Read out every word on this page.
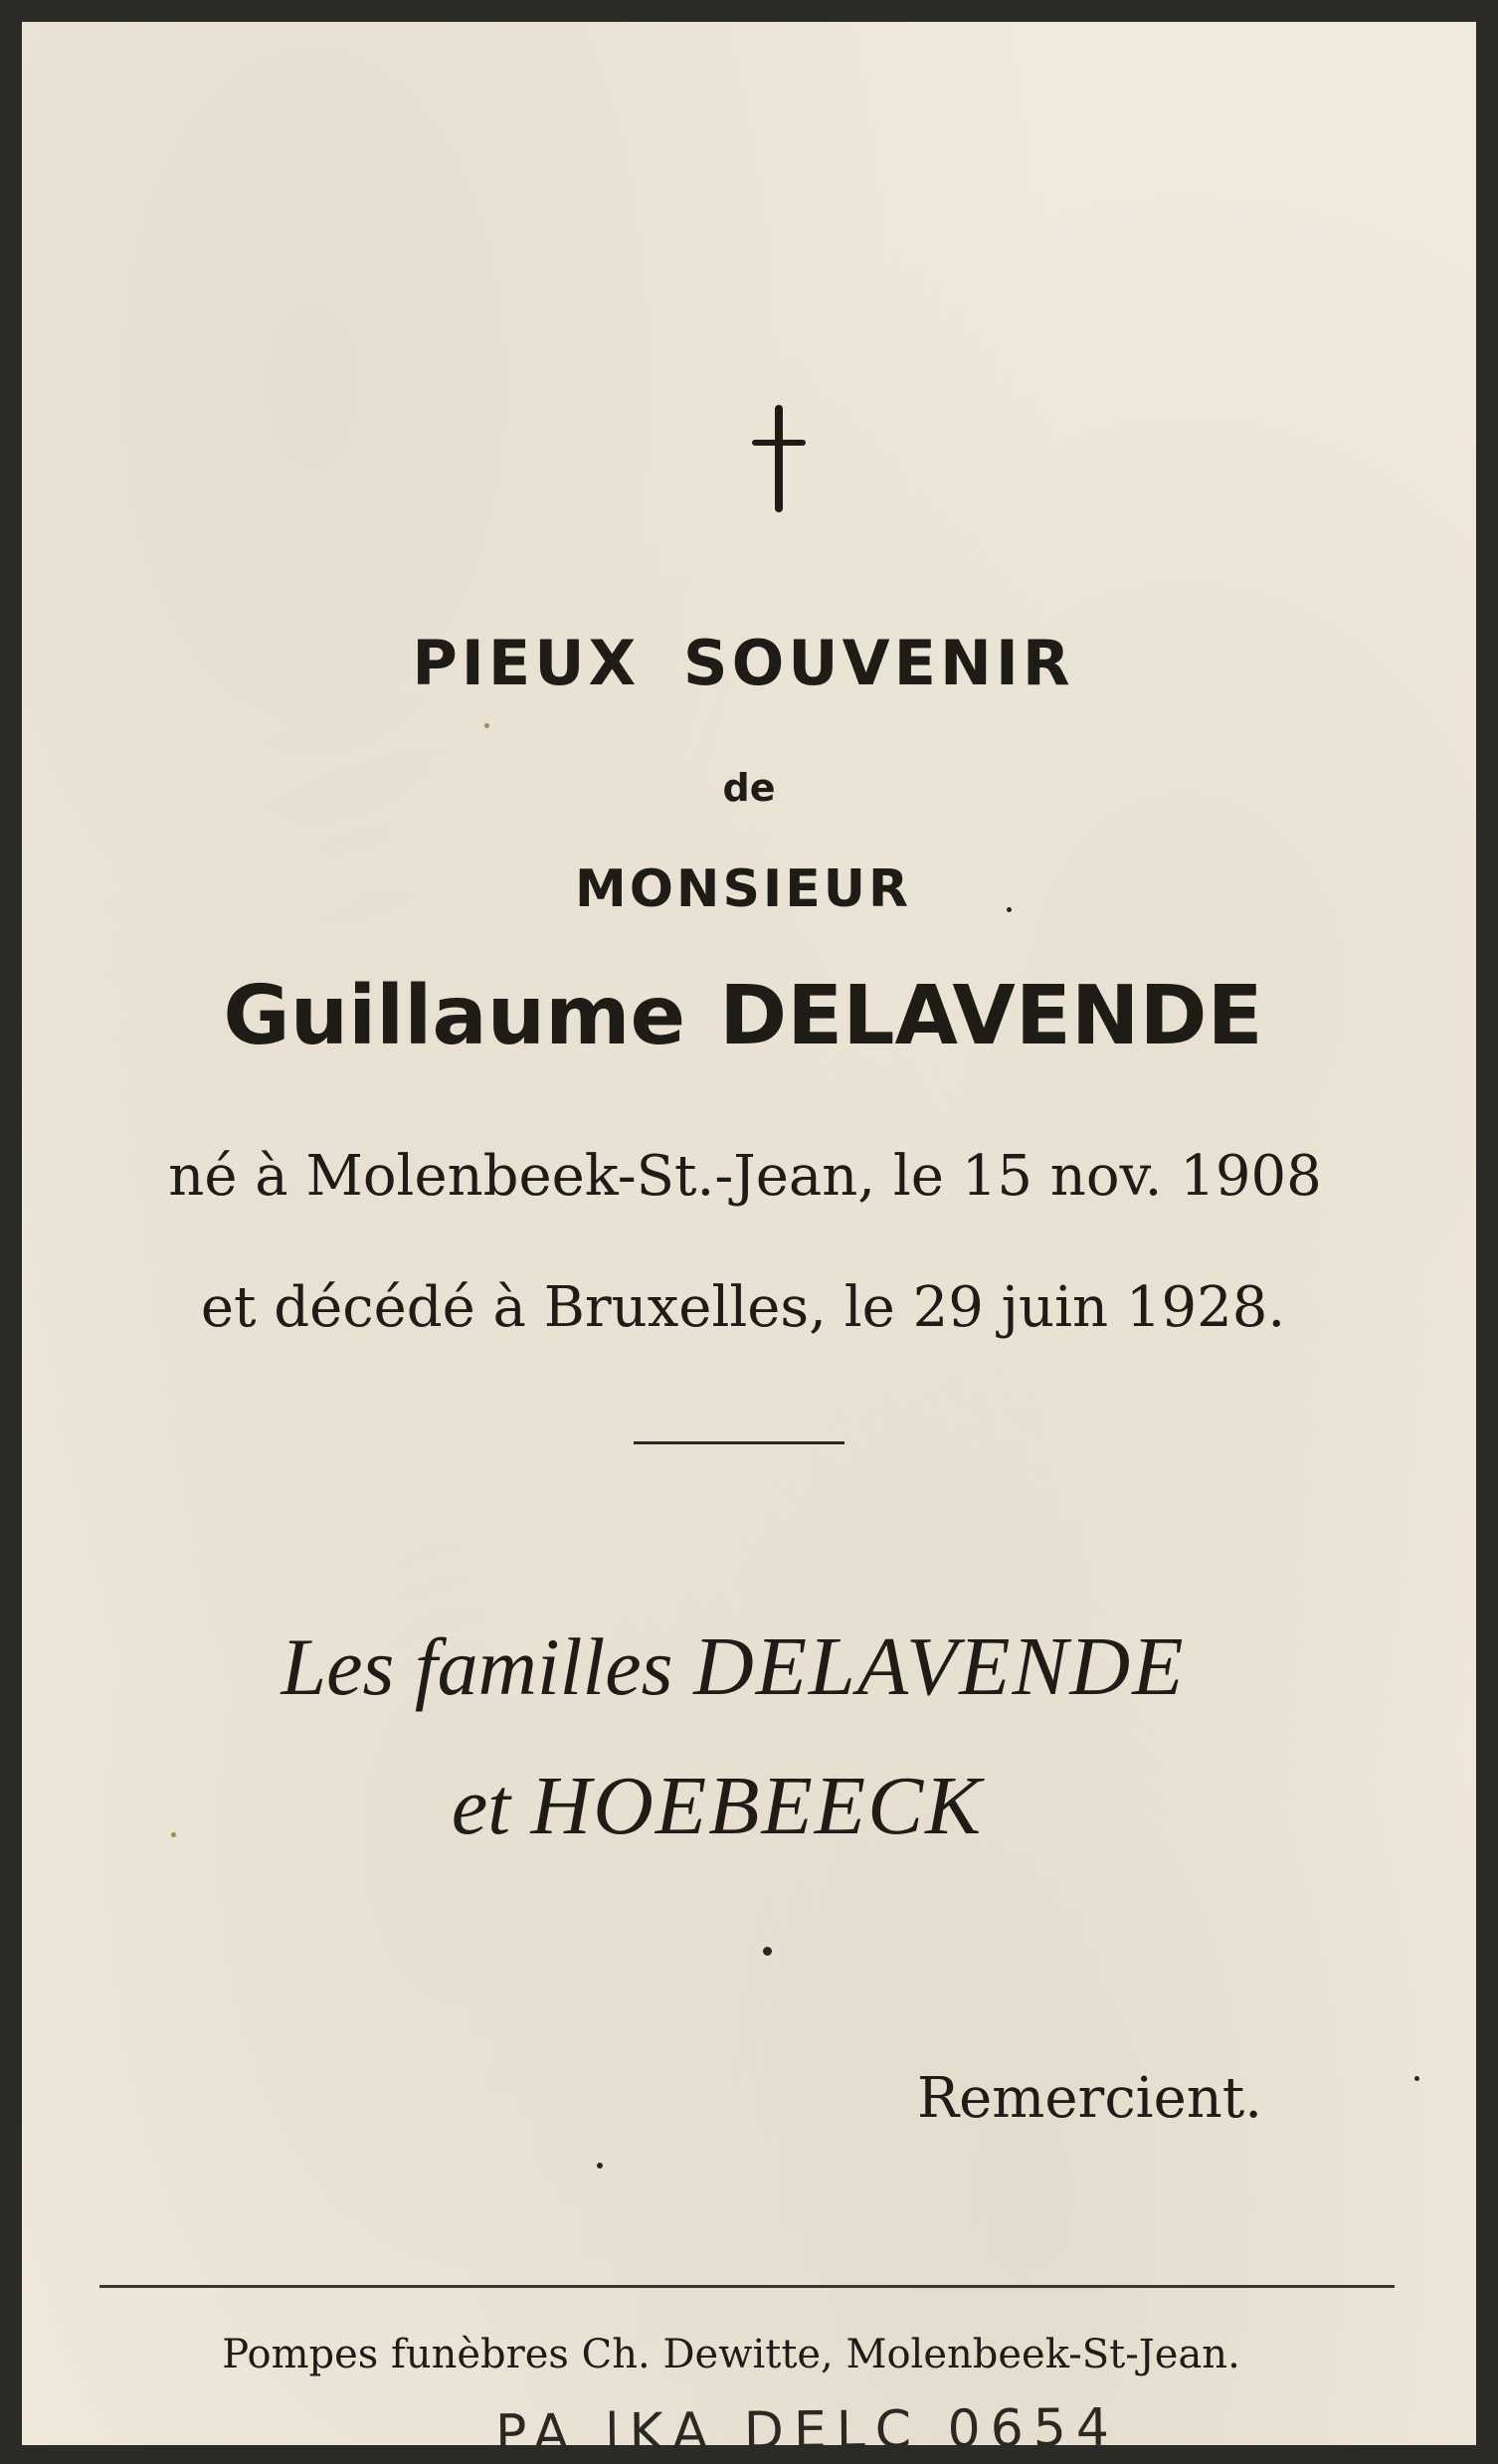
PIEUX SOUVENIR
de
MONSIEUR
Guillaume DELAVENDE
né à Molenbeek-St.-Jean, le 15 nov. 1908
et décédé à Bruxelles, le 29 juin 1928.
Les familles DELAVENDE
et HOEBEECK
Remercient.
Pompes funèbres Ch. Dewitte, Molenbeek-St-Jean.
PA lKA DELC 0654
